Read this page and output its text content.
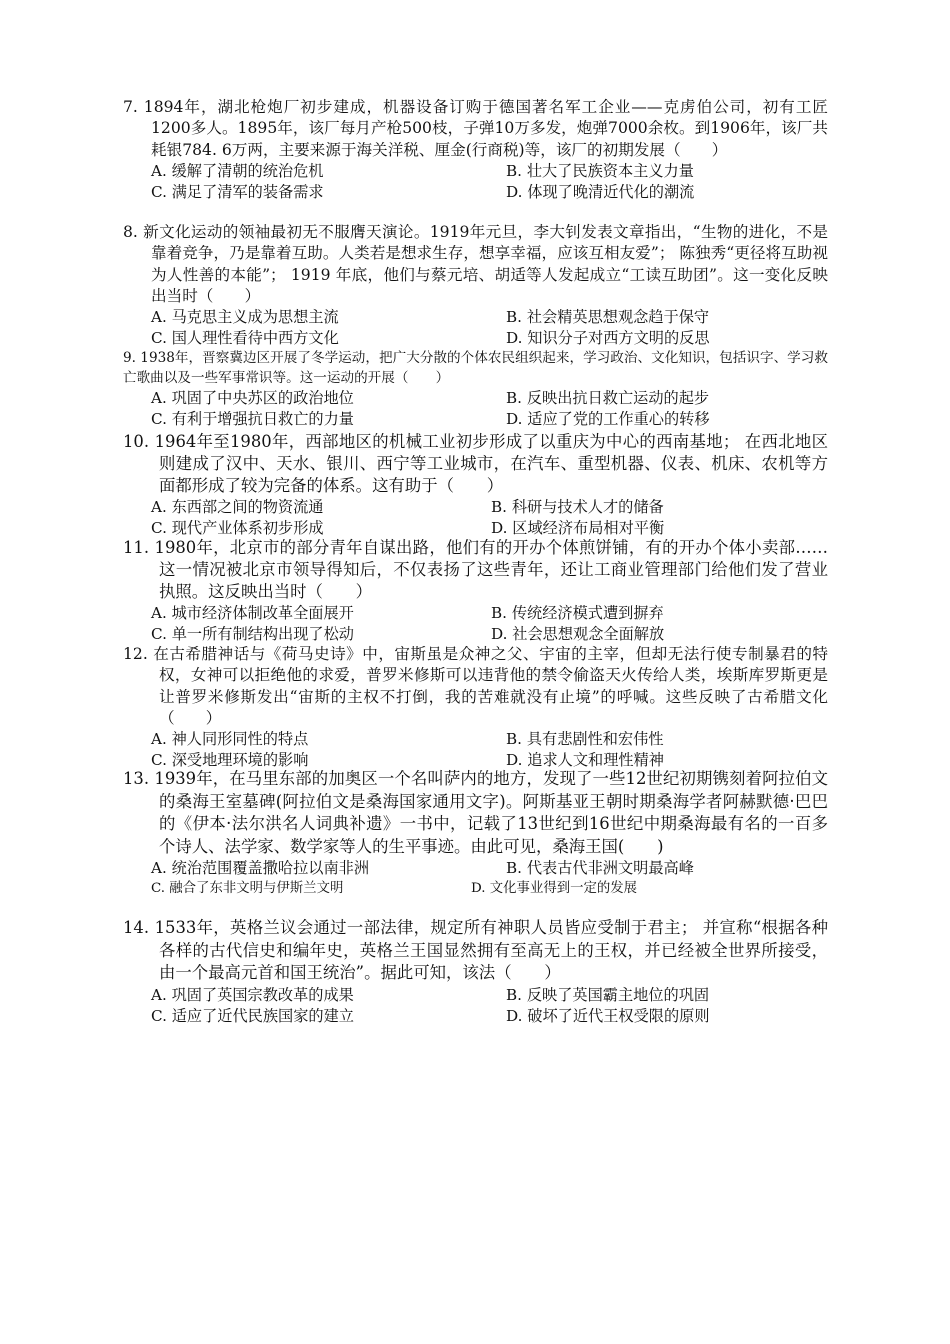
7. 1894年，湖北枪炮厂初步建成，机器设备订购于德国著名军工企业——克虏伯公司，初有工匠1200多人。1895年，该厂每月产枪500枝，子弹10万多发，炮弹7000余枚。到1906年，该厂共耗银784. 6万两，主要来源于海关洋税、厘金(行商税)等，该厂的初期发展（　　）
A. 缓解了清朝的统治危机	B. 壮大了民族资本主义力量
C. 满足了清军的装备需求	D. 体现了晚清近代化的潮流
8. 新文化运动的领袖最初无不服膺天演论。1919年元旦，李大钊发表文章指出，“生物的进化，不是靠着竞争，乃是靠着互助。人类若是想求生存，想享幸福，应该互相友爱”； 陈独秀“更径将互助视为人性善的本能”； 1919 年底，他们与蔡元培、胡适等人发起成立“工读互助团”。这一变化反映出当时（　　）
A. 马克思主义成为思想主流	B. 社会精英思想观念趋于保守
C. 国人理性看待中西方文化	D. 知识分子对西方文明的反思
9. 1938年，晋察冀边区开展了冬学运动，把广大分散的个体农民组织起来，学习政治、文化知识，包括识字、学习救亡歌曲以及一些军事常识等。这一运动的开展（　　）
A. 巩固了中央苏区的政治地位	B. 反映出抗日救亡运动的起步
C. 有利于增强抗日救亡的力量	D. 适应了党的工作重心的转移
10. 1964年至1980年，西部地区的机械工业初步形成了以重庆为中心的西南基地； 在西北地区则建成了汉中、天水、银川、西宁等工业城市，在汽车、重型机器、仪表、机床、农机等方面都形成了较为完备的体系。这有助于（　　）
A. 东西部之间的物资流通	B. 科研与技术人才的储备
C. 现代产业体系初步形成	D. 区域经济布局相对平衡
11. 1980年，北京市的部分青年自谋出路，他们有的开办个体煎饼铺，有的开办个体小卖部……这一情况被北京市领导得知后，不仅表扬了这些青年，还让工商业管理部门给他们发了营业执照。这反映出当时（　　）
A. 城市经济体制改革全面展开	B. 传统经济模式遭到摒弃
C. 单一所有制结构出现了松动	D. 社会思想观念全面解放
12. 在古希腊神话与《荷马史诗》中，宙斯虽是众神之父、宇宙的主宰，但却无法行使专制暴君的特权，女神可以拒绝他的求爱，普罗米修斯可以违背他的禁令偷盗天火传给人类，埃斯库罗斯更是让普罗米修斯发出“宙斯的主权不打倒，我的苦难就没有止境”的呼喊。这些反映了古希腊文化（　　）
A. 神人同形同性的特点	B. 具有悲剧性和宏伟性
C. 深受地理环境的影响	D. 追求人文和理性精神
13. 1939年，在马里东部的加奥区一个名叫萨内的地方，发现了一些12世纪初期镌刻着阿拉伯文的桑海王室墓碑(阿拉伯文是桑海国家通用文字)。阿斯基亚王朝时期桑海学者阿赫默德·巴巴的《伊本·法尔洪名人词典补遗》一书中，记载了13世纪到16世纪中期桑海最有名的一百多个诗人、法学家、数学家等人的生平事迹。由此可见，桑海王国(　　)
A. 统治范围覆盖撒哈拉以南非洲	B. 代表古代非洲文明最高峰
C. 融合了东非文明与伊斯兰文明	D. 文化事业得到一定的发展
14. 1533年，英格兰议会通过一部法律，规定所有神职人员皆应受制于君主； 并宣称“根据各种各样的古代信史和编年史，英格兰王国显然拥有至高无上的王权，并已经被全世界所接受，由一个最高元首和国王统治”。据此可知，该法（　　）
A. 巩固了英国宗教改革的成果	B. 反映了英国霸主地位的巩固
C. 适应了近代民族国家的建立	D. 破坏了近代王权受限的原则
